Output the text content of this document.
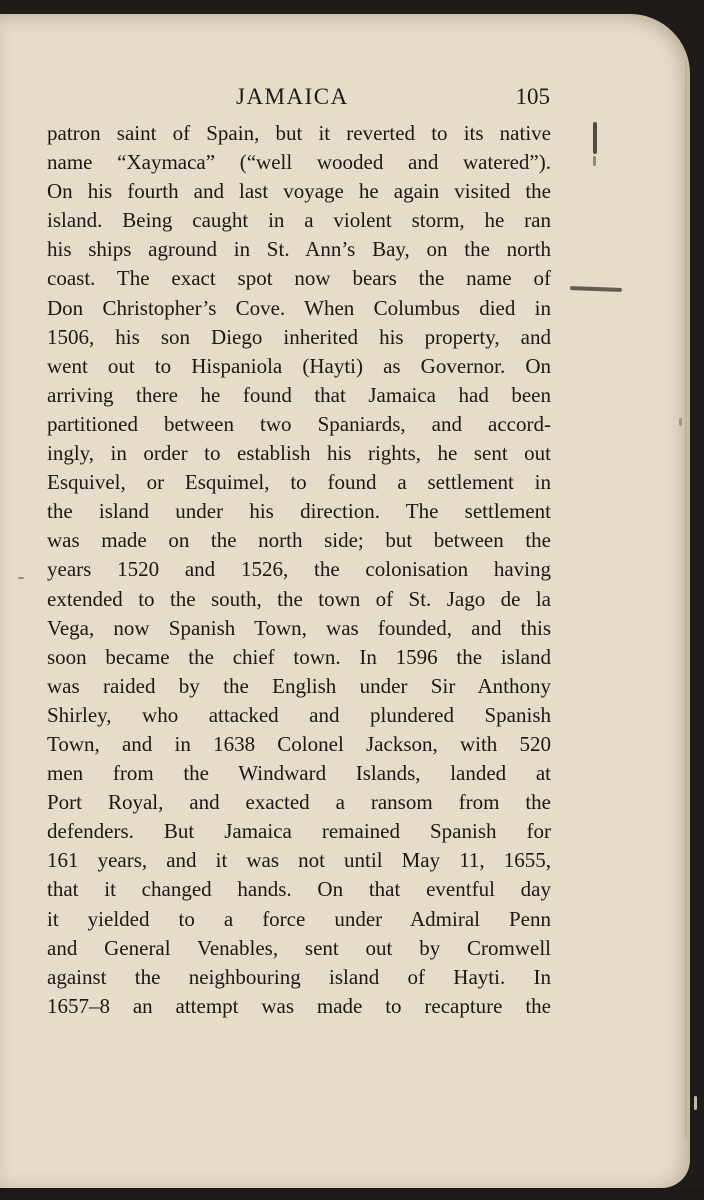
JAMAICA	105
patron saint of Spain, but it reverted to its native
name “Xaymaca” (“well wooded and watered”).
On his fourth and last voyage he again visited the
island. Being caught in a violent storm, he ran
his ships aground in St. Ann’s Bay, on the north
coast. The exact spot now bears the name of
Don Christopher’s Cove. When Columbus died in
1506, his son Diego inherited his property, and
went out to Hispaniola (Hayti) as Governor. On
arriving there he found that Jamaica had been
partitioned between two Spaniards, and accord-
ingly, in order to establish his rights, he sent out
Esquivel, or Esquimel, to found a settlement in
the island under his direction. The settlement
was made on the north side; but between the
years 1520 and 1526, the colonisation having
extended to the south, the town of St. Jago de la
Vega, now Spanish Town, was founded, and this
soon became the chief town. In 1596 the island
was raided by the English under Sir Anthony
Shirley, who attacked and plundered Spanish
Town, and in 1638 Colonel Jackson, with 520
men from the Windward Islands, landed at
Port Royal, and exacted a ransom from the
defenders. But Jamaica remained Spanish for
161 years, and it was not until May 11, 1655,
that it changed hands. On that eventful day
it yielded to a force under Admiral Penn
and General Venables, sent out by Cromwell
against the neighbouring island of Hayti. In
1657–8 an attempt was made to recapture the
